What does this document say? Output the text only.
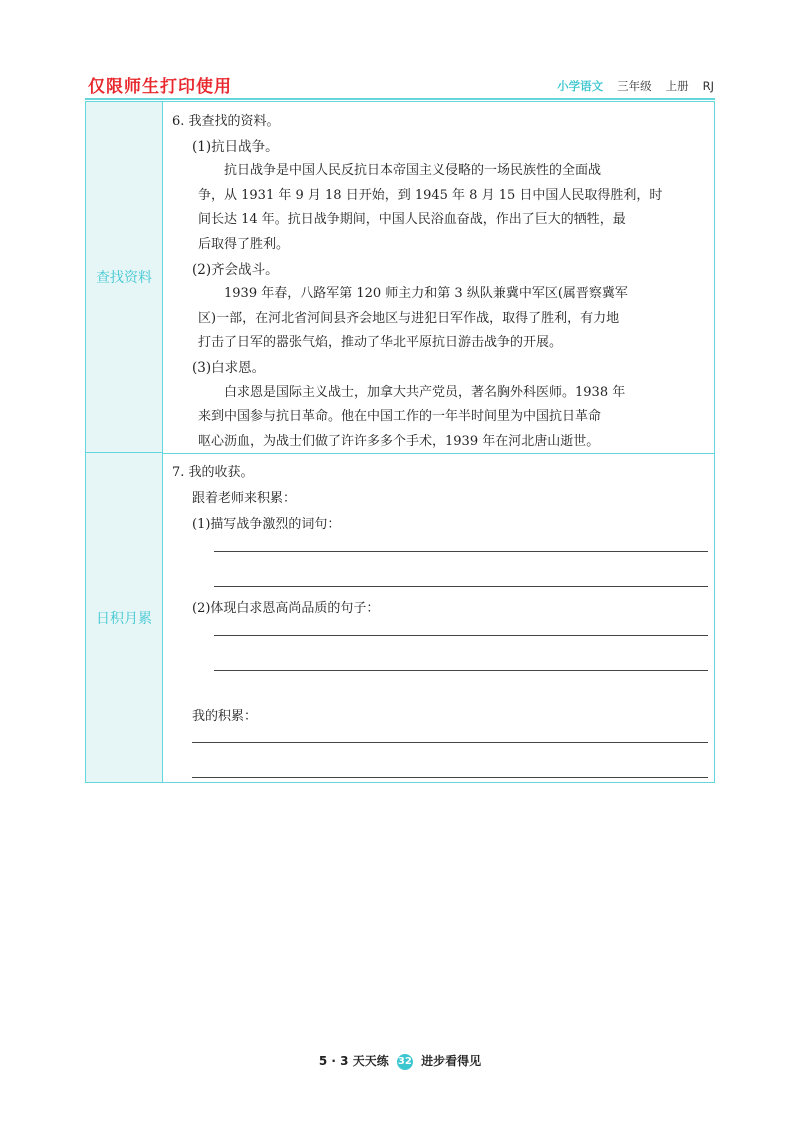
仅限师生打印使用	小学语文 三年级 上册 RJ
查找资料
日积月累

6. 我查找的资料。

(1)抗日战争。

抗日战争是中国人民反抗日本帝国主义侵略的一场民族性的全面战

争，从 1931 年 9 月 18 日开始，到 1945 年 8 月 15 日中国人民取得胜利，时

间长达 14 年。抗日战争期间，中国人民浴血奋战，作出了巨大的牺牲，最

后取得了胜利。

(2)齐会战斗。

1939 年春，八路军第 120 师主力和第 3 纵队兼冀中军区(属晋察冀军

区)一部，在河北省河间县齐会地区与进犯日军作战，取得了胜利，有力地

打击了日军的嚣张气焰，推动了华北平原抗日游击战争的开展。

(3)白求恩。

白求恩是国际主义战士，加拿大共产党员，著名胸外科医师。1938 年

来到中国参与抗日革命。他在中国工作的一年半时间里为中国抗日革命

呕心沥血，为战士们做了许许多多个手术，1939 年在河北唐山逝世。

7. 我的收获。
跟着老师来积累：
(1)描写战争激烈的词句：
(2)体现白求恩高尚品质的句子：
我的积累：
5 · 3 天天练 32 进步看得见
